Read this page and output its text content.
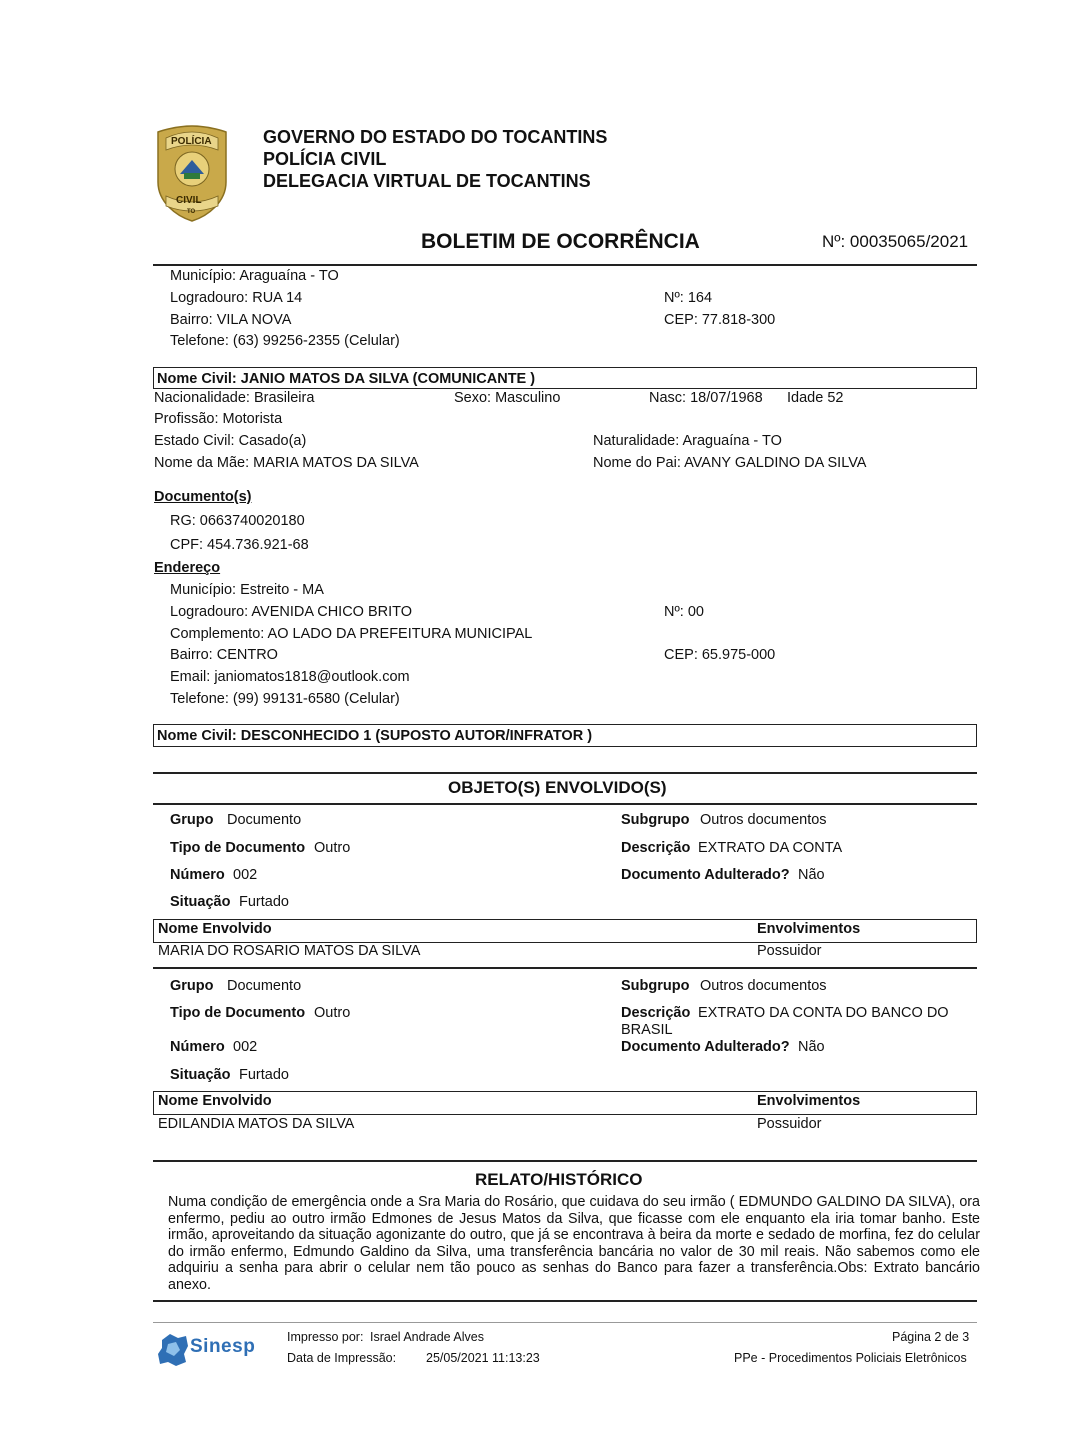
POLÍCIA
CIVIL
TO
GOVERNO DO ESTADO DO TOCANTINS
POLÍCIA CIVIL
DELEGACIA VIRTUAL DE TOCANTINS
BOLETIM DE OCORRÊNCIA	Nº: 00035065/2021
Município: Araguaína - TO
Logradouro: RUA 14	Nº: 164
Bairro: VILA NOVA	CEP: 77.818-300
Telefone: (63) 99256-2355 (Celular)
Nome Civil: JANIO MATOS DA SILVA (COMUNICANTE )
Nacionalidade: Brasileira	Sexo: Masculino	Nasc: 18/07/1968 Idade 52
Profissão: Motorista
Estado Civil: Casado(a)	Naturalidade: Araguaína - TO
Nome da Mãe: MARIA MATOS DA SILVA	Nome do Pai: AVANY GALDINO DA SILVA
Documento(s)
RG: 0663740020180
CPF: 454.736.921-68
Endereço
Município: Estreito - MA
Logradouro: AVENIDA CHICO BRITO	Nº: 00
Complemento: AO LADO DA PREFEITURA MUNICIPAL
Bairro: CENTRO	CEP: 65.975-000
Email: janiomatos1818@outlook.com
Telefone: (99) 99131-6580 (Celular)
Nome Civil: DESCONHECIDO 1 (SUPOSTO AUTOR/INFRATOR )
OBJETO(S) ENVOLVIDO(S)
Grupo Documento	Subgrupo Outros documentos
Tipo de Documento Outro	Descrição EXTRATO DA CONTA
Número 002	Documento Adulterado? Não
Situação Furtado
Nome Envolvido	Envolvimentos
MARIA DO ROSARIO MATOS DA SILVA	Possuidor
Grupo Documento	Subgrupo Outros documentos
Tipo de Documento Outro	Descrição EXTRATO DA CONTA DO BANCO DO
BRASIL
Número 002	Documento Adulterado? Não
Situação Furtado
Nome Envolvido	Envolvimentos
EDILANDIA MATOS DA SILVA	Possuidor
RELATO/HISTÓRICO
Numa condição de emergência onde a Sra Maria do Rosário, que cuidava do seu irmão ( EDMUNDO GALDINO DA SILVA), ora enfermo, pediu ao outro irmão Edmones de Jesus Matos da Silva, que ficasse com ele enquanto ela iria tomar banho. Este irmão, aproveitando da situação agonizante do outro, que já se encontrava à beira da morte e sedado de morfina, fez do celular do irmão enfermo, Edmundo Galdino da Silva, uma transferência bancária no valor de 30 mil reais. Não sabemos como ele adquiriu a senha para abrir o celular nem tão pouco as senhas do Banco para fazer a transferência.Obs: Extrato bancário anexo.
Sinesp	Impresso por: Israel Andrade Alves
Data de Impressão: 25/05/2021 11:13:23
Página 2 de 3
PPe - Procedimentos Policiais Eletrônicos
